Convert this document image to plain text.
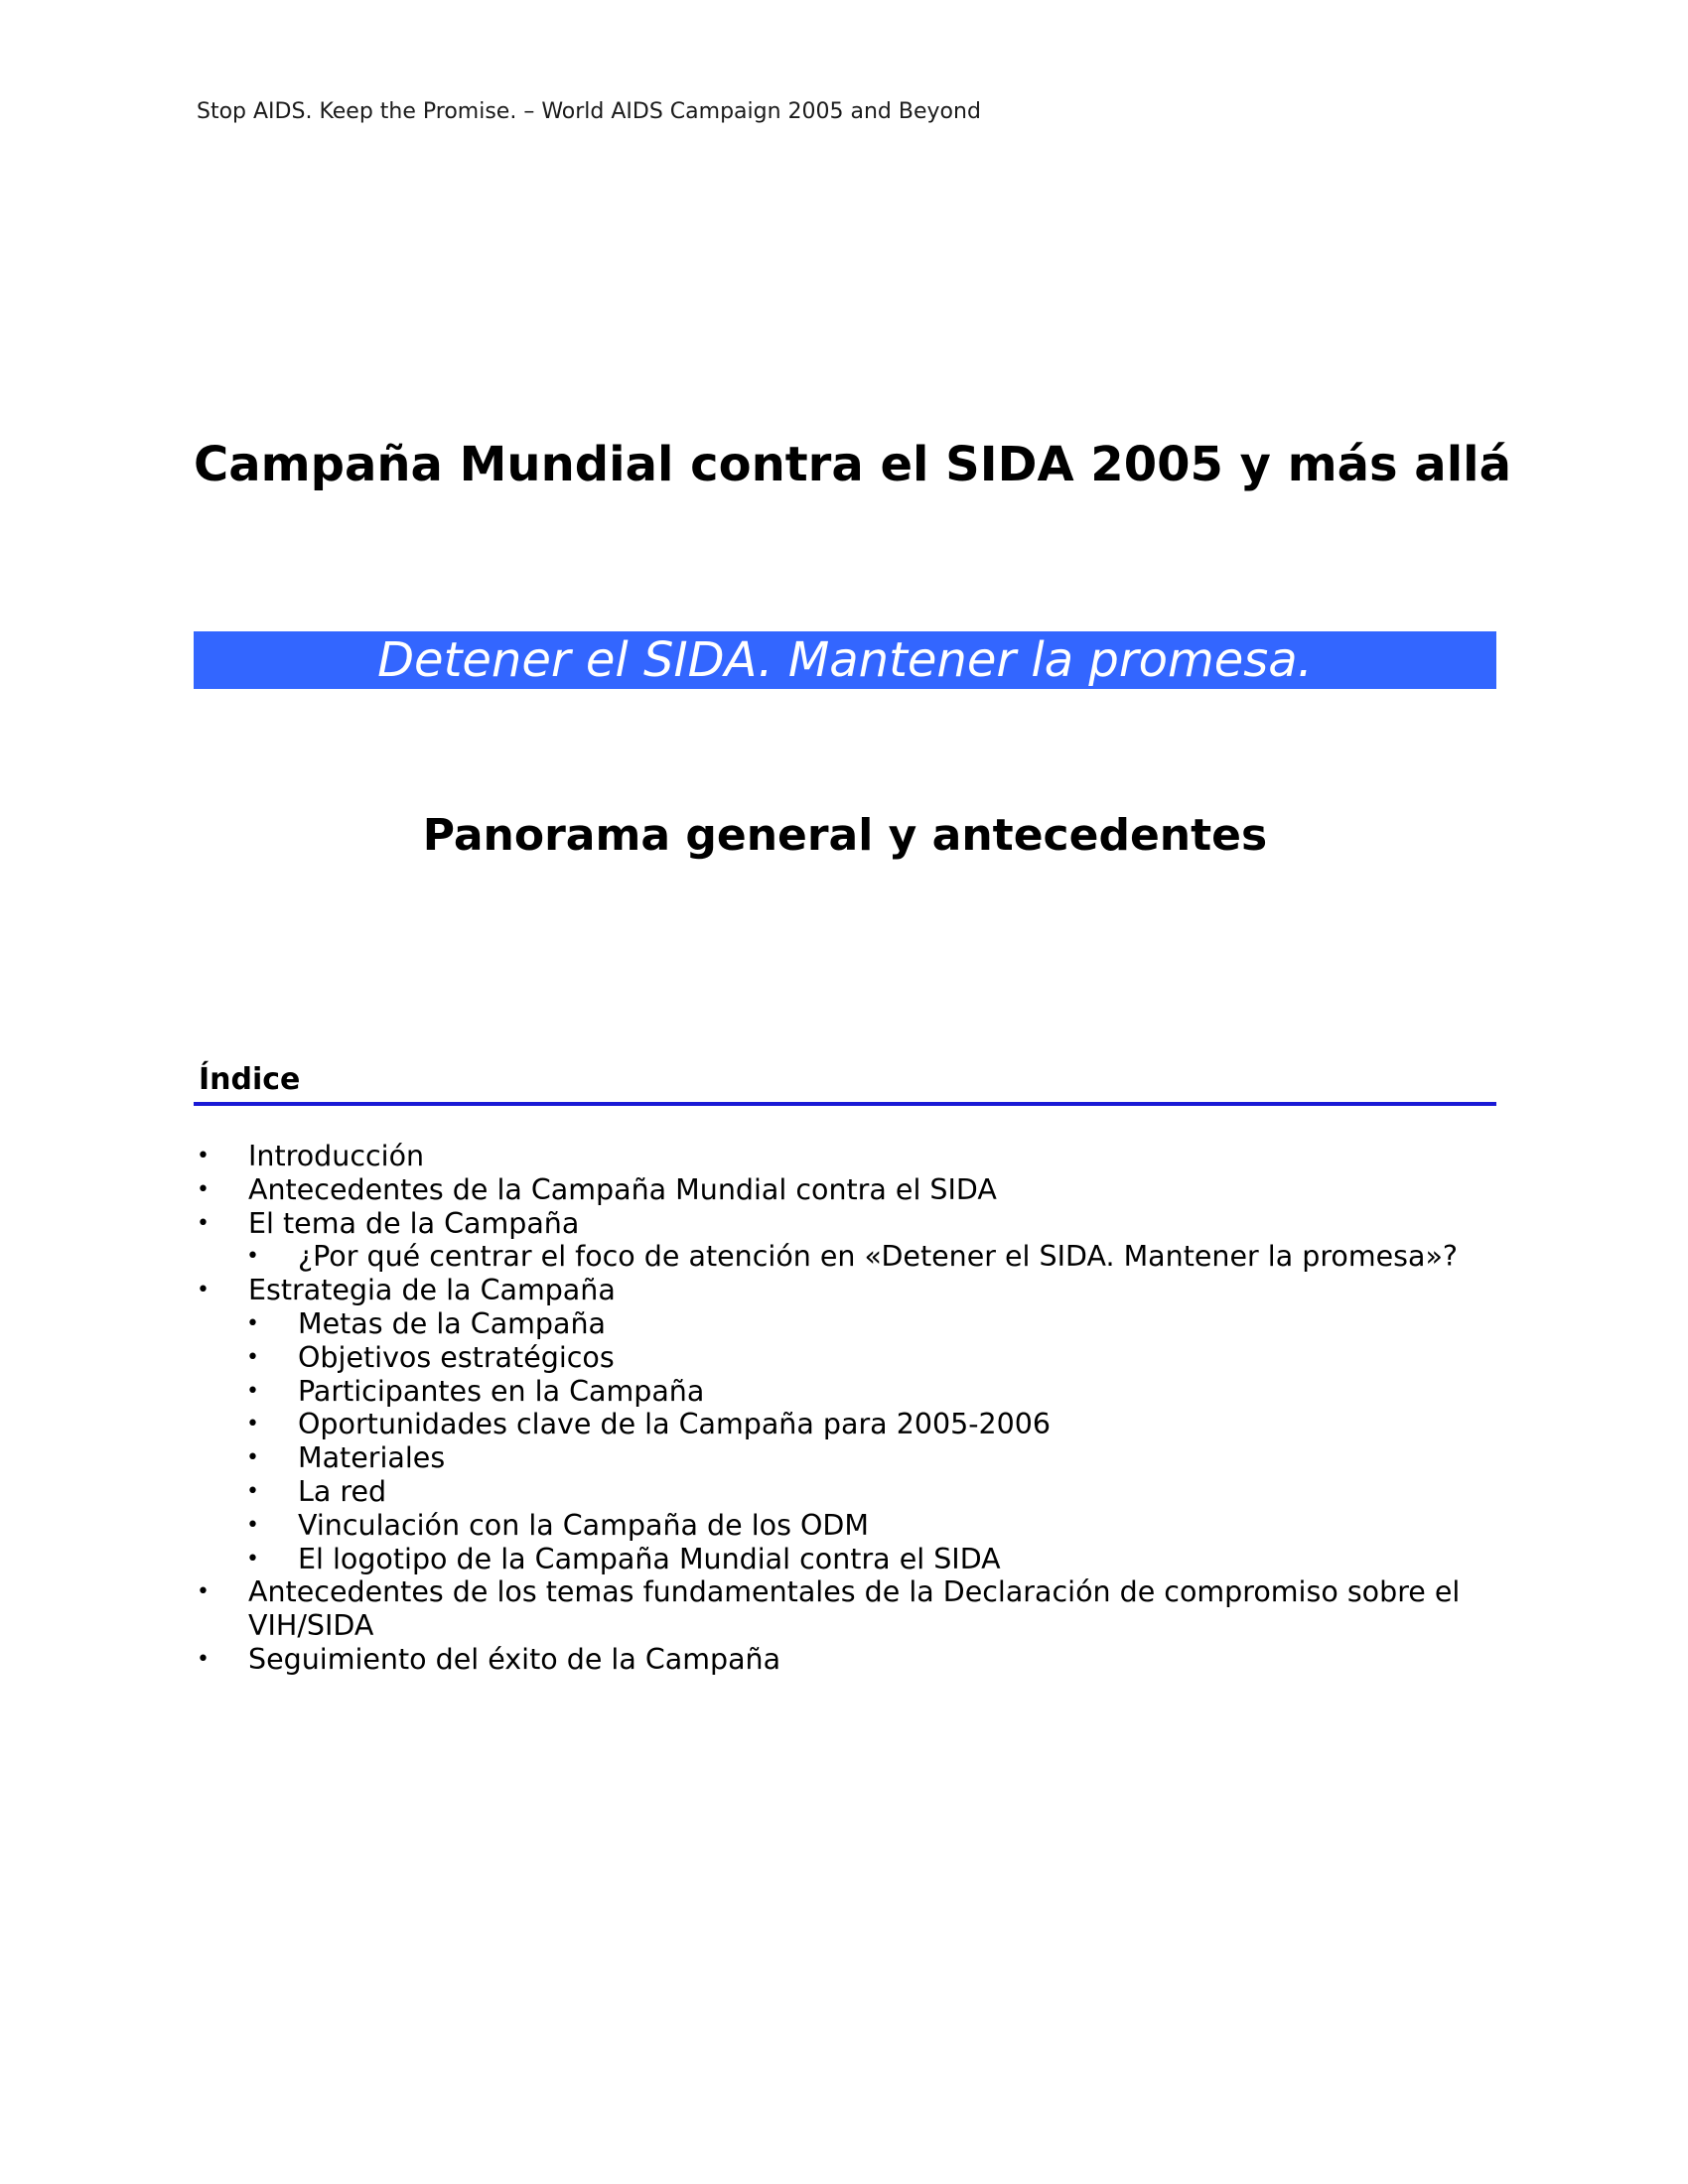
Stop AIDS. Keep the Promise. – World AIDS Campaign 2005 and Beyond
Campaña Mundial contra el SIDA 2005 y más allá
Detener el SIDA. Mantener la promesa.
Panorama general y antecedentes
Índice
• Introducción
• Antecedentes de la Campaña Mundial contra el SIDA
• El tema de la Campaña
• ¿Por qué centrar el foco de atención en «Detener el SIDA. Mantener la promesa»?
• Estrategia de la Campaña
• Metas de la Campaña
• Objetivos estratégicos
• Participantes en la Campaña
• Oportunidades clave de la Campaña para 2005-2006
• Materiales
• La red
• Vinculación con la Campaña de los ODM
• El logotipo de la Campaña Mundial contra el SIDA
• Antecedentes de los temas fundamentales de la Declaración de compromiso sobre el VIH/SIDA
• Seguimiento del éxito de la Campaña
